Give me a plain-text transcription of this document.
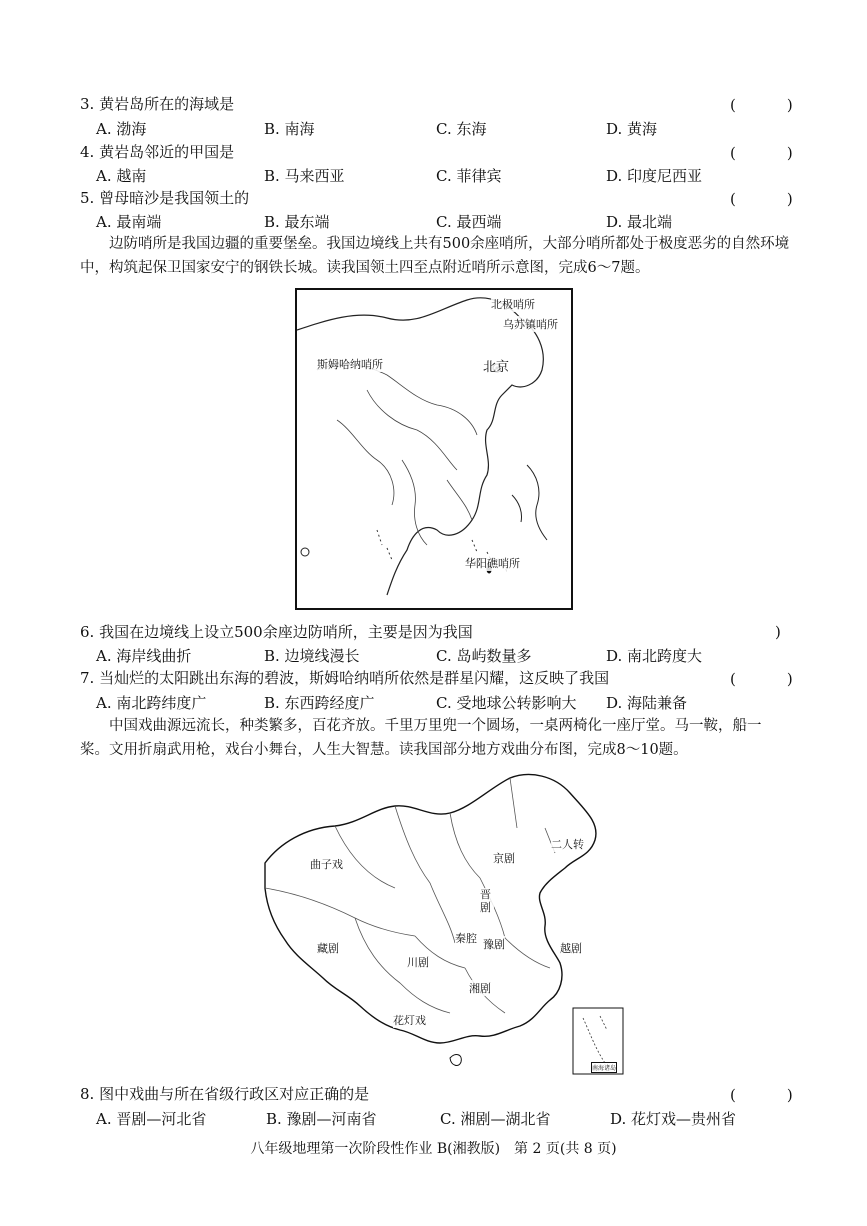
3. 黄岩岛所在的海域是	(　)
A. 渤海	B. 南海	C. 东海	D. 黄海
4. 黄岩岛邻近的甲国是	(　)
A. 越南	B. 马来西亚	C. 菲律宾	D. 印度尼西亚
5. 曾母暗沙是我国领土的	(　)
A. 最南端	B. 最东端	C. 最西端	D. 最北端
边防哨所是我国边疆的重要堡垒。我国边境线上共有500余座哨所，大部分哨所都处于极度恶劣的自然环境中，构筑起保卫国家安宁的钢铁长城。读我国领土四至点附近哨所示意图，完成6～7题。
北极哨所
乌苏镇哨所
北京
斯姆哈纳哨所
华阳礁哨所
6. 我国在边境线上设立500余座边防哨所，主要是因为我国	)
A. 海岸线曲折	B. 边境线漫长	C. 岛屿数量多	D. 南北跨度大
7. 当灿烂的太阳跳出东海的碧波，斯姆哈纳哨所依然是群星闪耀，这反映了我国	(　)
A. 南北跨纬度广	B. 东西跨经度广	C. 受地球公转影响大 D. 海陆兼备
中国戏曲源远流长，种类繁多，百花齐放。千里万里兜一个圆场，一桌两椅化一座厅堂。马一鞍，船一桨。文用折扇武用枪，戏台小舞台，人生大智慧。读我国部分地方戏曲分布图，完成8～10题。
曲子戏	京剧
二人转
晋剧
秦腔 豫剧	越剧
藏剧
川剧
湘剧
花灯戏
南海诸岛
8. 图中戏曲与所在省级行政区对应正确的是	(　)
A. 晋剧—河北省	B. 豫剧—河南省	C. 湘剧—湖北省	D. 花灯戏—贵州省
八年级地理第一次阶段性作业 B(湘教版)　第 2 页(共 8 页)
